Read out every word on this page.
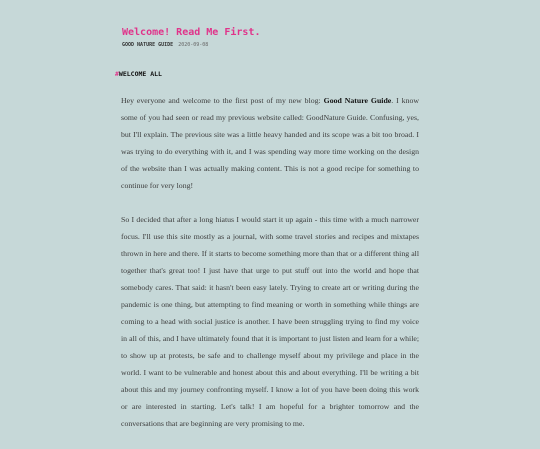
Welcome! Read Me First.
GOOD NATURE GUIDE 2020-09-08
#WELCOME ALL

Hey everyone and welcome to the first post of my new blog: Good Nature Guide. I know some of you had seen or read my previous website called: GoodNature Guide. Confusing, yes, but I'll explain. The previous site was a little heavy handed and its scope was a bit too broad. I was trying to do everything with it, and I was spending way more time working on the design of the website than I was actually making content. This is not a good recipe for something to continue for very long!

So I decided that after a long hiatus I would start it up again - this time with a much narrower focus. I'll use this site mostly as a journal, with some travel stories and recipes and mixtapes thrown in here and there. If it starts to become something more than that or a different thing all together that's great too! I just have that urge to put stuff out into the world and hope that somebody cares. That said: it hasn't been easy lately. Trying to create art or writing during the pandemic is one thing, but attempting to find meaning or worth in something while things are coming to a head with social justice is another. I have been struggling trying to find my voice in all of this, and I have ultimately found that it is important to just listen and learn for a while; to show up at protests, be safe and to challenge myself about my privilege and place in the world. I want to be vulnerable and honest about this and about everything. I'll be writing a bit about this and my journey confronting myself. I know a lot of you have been doing this work or are interested in starting. Let's talk! I am hopeful for a brighter tomorrow and the conversations that are beginning are very promising to me.
